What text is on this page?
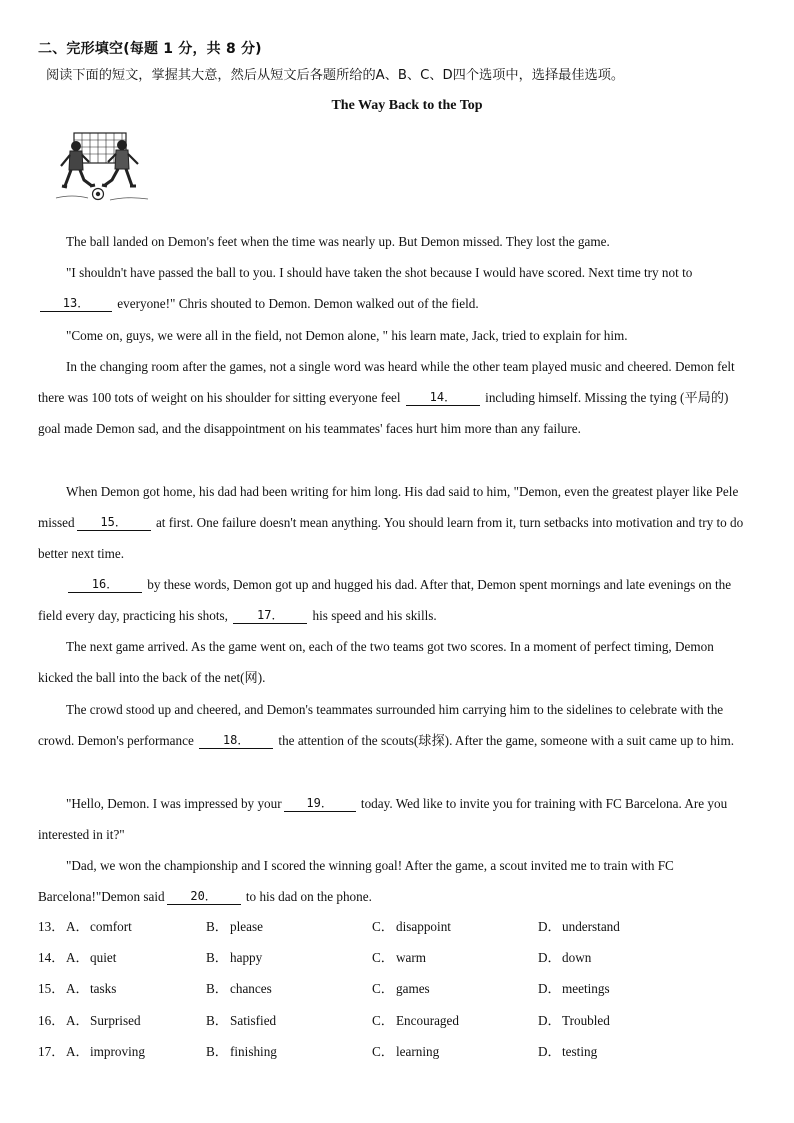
二、完形填空(每题 1 分，共 8 分)
阅读下面的短文，掌握其大意，然后从短文后各题所给的A、B、C、D四个选项中，选择最佳选项。
The Way Back to the Top
The ball landed on Demon's feet when the time was nearly up. But Demon missed. They lost the game.
"I shouldn't have passed the ball to you. I should have taken the shot because I would have scored. Next time try not to13． everyone!" Chris shouted to Demon. Demon walked out of the field.
"Come on, guys, we were all in the field, not Demon alone, " his learn mate, Jack, tried to explain for him.
In the changing room after the games, not a single word was heard while the other team played music and cheered. Demon felt there was 100 tots of weight on his shoulder for sitting everyone feel 14． including himself. Missing the tying (平局的) goal made Demon sad, and the disappointment on his teammates' faces hurt him more than any failure.
When Demon got home, his dad had been writing for him long. His dad said to him, "Demon, even the greatest player like Pele missed 15． at first. One failure doesn't mean anything. You should learn from it, turn setbacks into motivation and try to do better next time.
16． by these words, Demon got up and hugged his dad. After that, Demon spent mornings and late evenings on the field every day, practicing his shots, 17． his speed and his skills.
The next game arrived. As the game went on, each of the two teams got two scores. In a moment of perfect timing, Demon kicked the ball into the back of the net(网).
The crowd stood up and cheered, and Demon's teammates surrounded him carrying him to the sidelines to celebrate with the crowd. Demon's performance 18． the attention of the scouts(球探). After the game, someone with a suit came up to him.
"Hello, Demon. I was impressed by your 19． today. Wed like to invite you for training with FC Barcelona. Are you interested in it?"
"Dad, we won the championship and I scored the winning goal! After the game, a scout invited me to train with FC Barcelona!"Demon said 20． to his dad on the phone.
13． A．comfort	B． please	C． disappoint	D．understand
14． A．quiet	B． happy	C． warm	D．down
15． A．tasks	B． chances	C． games	D．meetings
16． A．Surprised	B． Satisfied	C． Encouraged	D．Troubled
17． A．improving	B． finishing	C． learning	D．testing
